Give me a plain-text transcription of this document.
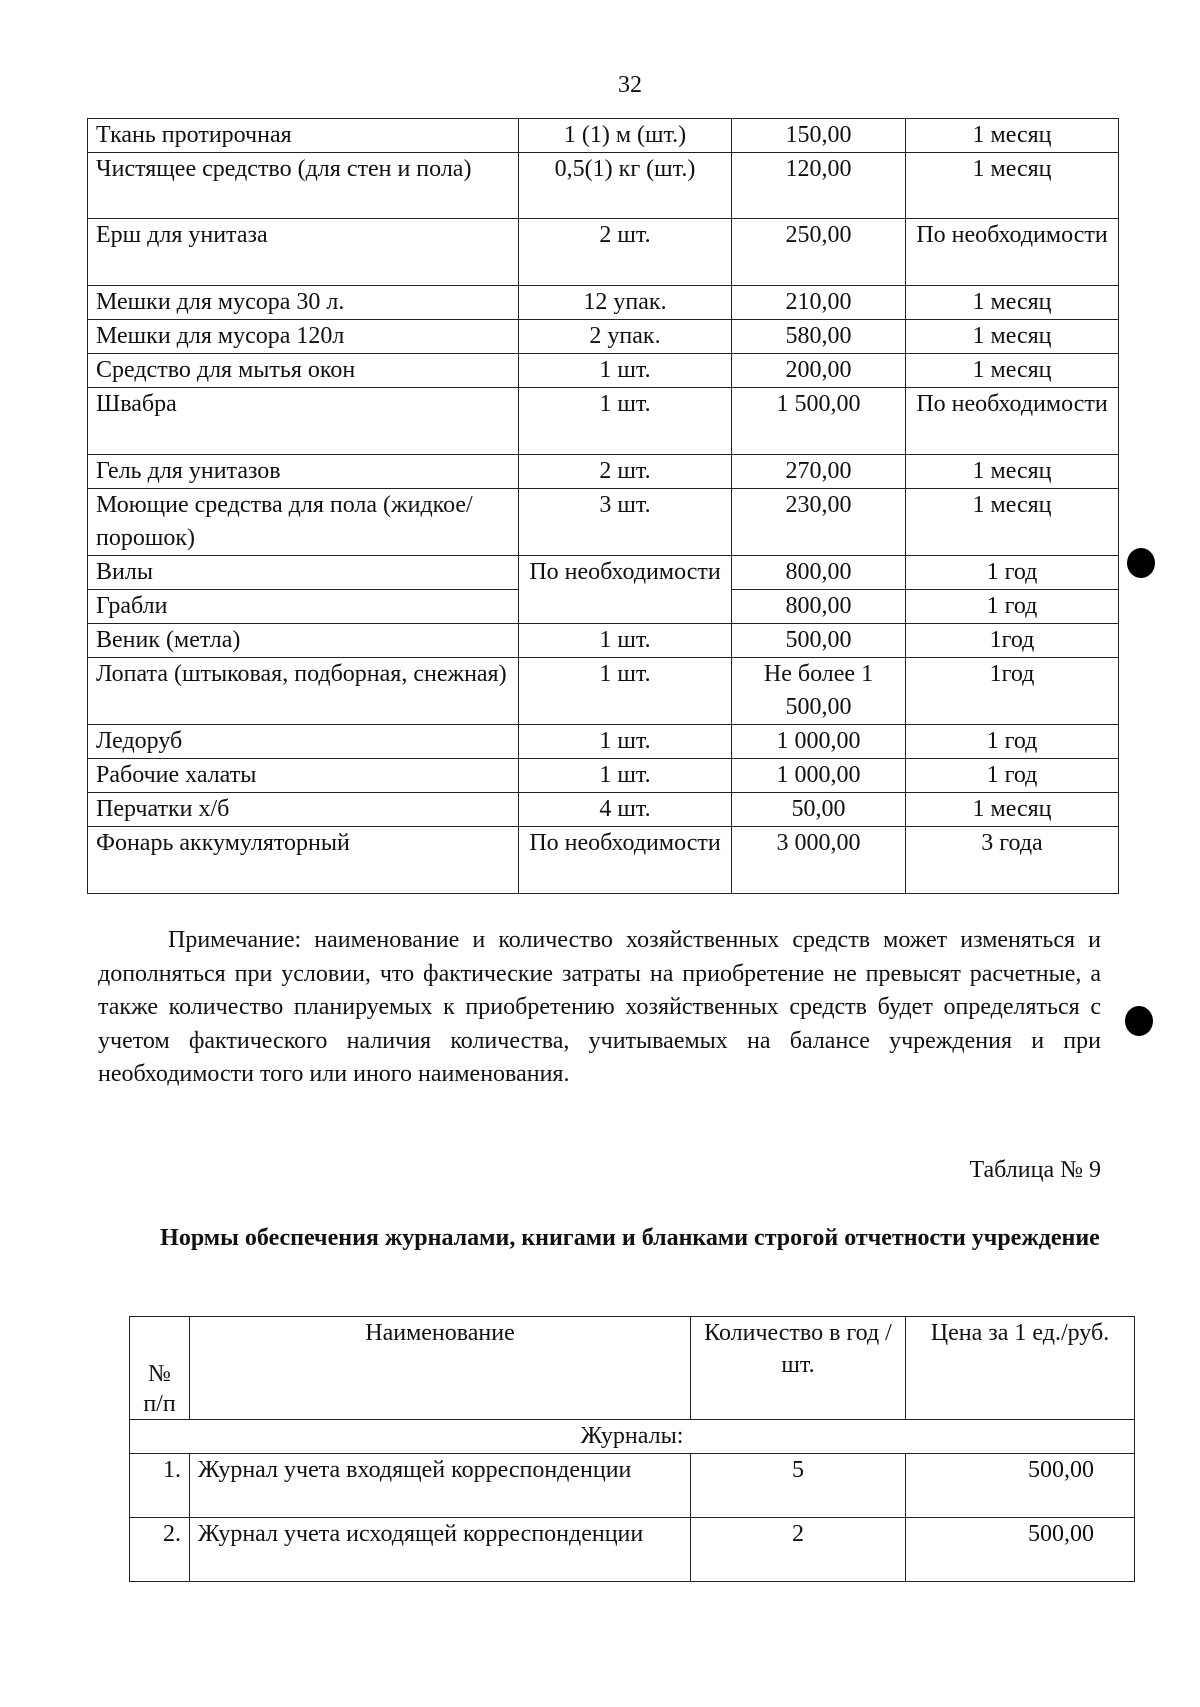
32
Ткань протирочная	1 (1) м (шт.)	150,00	1 месяц
Чистящее средство (для стен и пола)	0,5(1) кг (шт.)	120,00	1 месяц
Ерш для унитаза	2 шт.	250,00	По необходимости
Мешки для мусора 30 л.	12 упак.	210,00	1 месяц
Мешки для мусора 120л	2 упак.	580,00	1 месяц
Средство для мытья окон	1 шт.	200,00	1 месяц
Швабра	1 шт.	1 500,00	По необходимости
Гель для унитазов	2 шт.	270,00	1 месяц
Моющие средства для пола (жидкое/порошок)	3 шт.	230,00	1 месяц
Вилы	По необходимости	800,00	1 год
Грабли		800,00	1 год
Веник (метла)	1 шт.	500,00	1год
Лопата (штыковая, подборная, снежная)	1 шт.	Не более 1 500,00	1год
Ледоруб	1 шт.	1 000,00	1 год
Рабочие халаты	1 шт.	1 000,00	1 год
Перчатки х/б	4 шт.	50,00	1 месяц
Фонарь аккумуляторный	По необходимости	3 000,00	3 года
Примечание: наименование и количество хозяйственных средств может изменяться и дополняться при условии, что фактические затраты на приобретение не превысят расчетные, а также количество планируемых к приобретению хозяйственных средств будет определяться с учетом фактического наличия количества, учитываемых на балансе учреждения и при необходимости того или иного наименования.
Таблица № 9
Нормы обеспечения журналами, книгами и бланками строгой отчетности учреждение
№ п/п	Наименование	Количество в год / шт.	Цена за 1 ед./руб.
Журналы:			
1.	Журнал учета входящей корреспонденции	5	500,00
2.	Журнал учета исходящей корреспонденции	2	500,00
